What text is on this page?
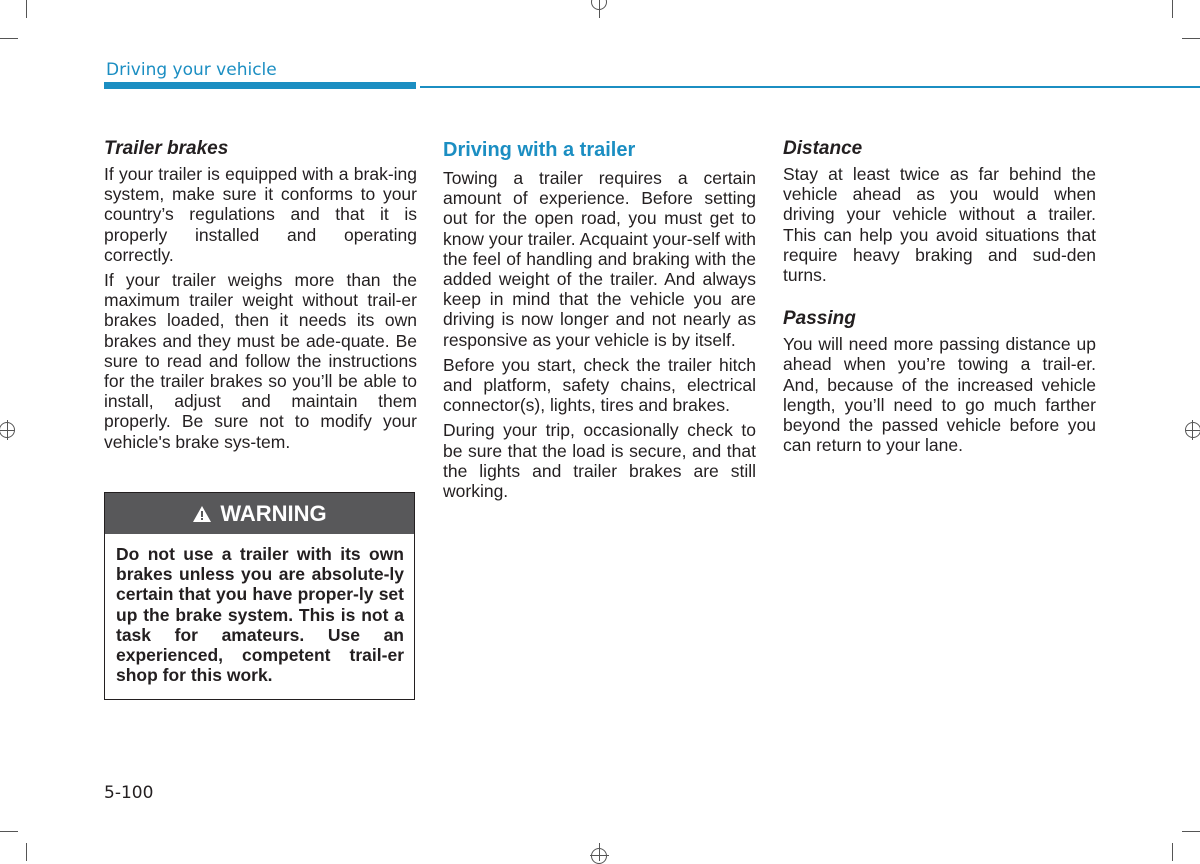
Driving your vehicle
Trailer brakes

If your trailer is equipped with a brak-ing system, make sure it conforms to your country’s regulations and that it is properly installed and operating correctly.

If your trailer weighs more than the maximum trailer weight without trail-er brakes loaded, then it needs its own brakes and they must be ade-quate. Be sure to read and follow the instructions for the trailer brakes so you’ll be able to install, adjust and maintain them properly. Be sure not to modify your vehicle's brake sys-tem.

WARNING
Do not use a trailer with its own brakes unless you are absolute-ly certain that you have proper-ly set up the brake system. This is not a task for amateurs. Use an experienced, competent trail-er shop for this work.
Driving with a trailer

Towing a trailer requires a certain amount of experience. Before setting out for the open road, you must get to know your trailer. Acquaint your-self with the feel of handling and braking with the added weight of the trailer. And always keep in mind that the vehicle you are driving is now longer and not nearly as responsive as your vehicle is by itself.

Before you start, check the trailer hitch and platform, safety chains, electrical connector(s), lights, tires and brakes.

During your trip, occasionally check to be sure that the load is secure, and that the lights and trailer brakes are still working.

Distance

Stay at least twice as far behind the vehicle ahead as you would when driving your vehicle without a trailer. This can help you avoid situations that require heavy braking and sud-den turns.

Passing

You will need more passing distance up ahead when you’re towing a trail-er. And, because of the increased vehicle length, you’ll need to go much farther beyond the passed vehicle before you can return to your lane.

5-100
